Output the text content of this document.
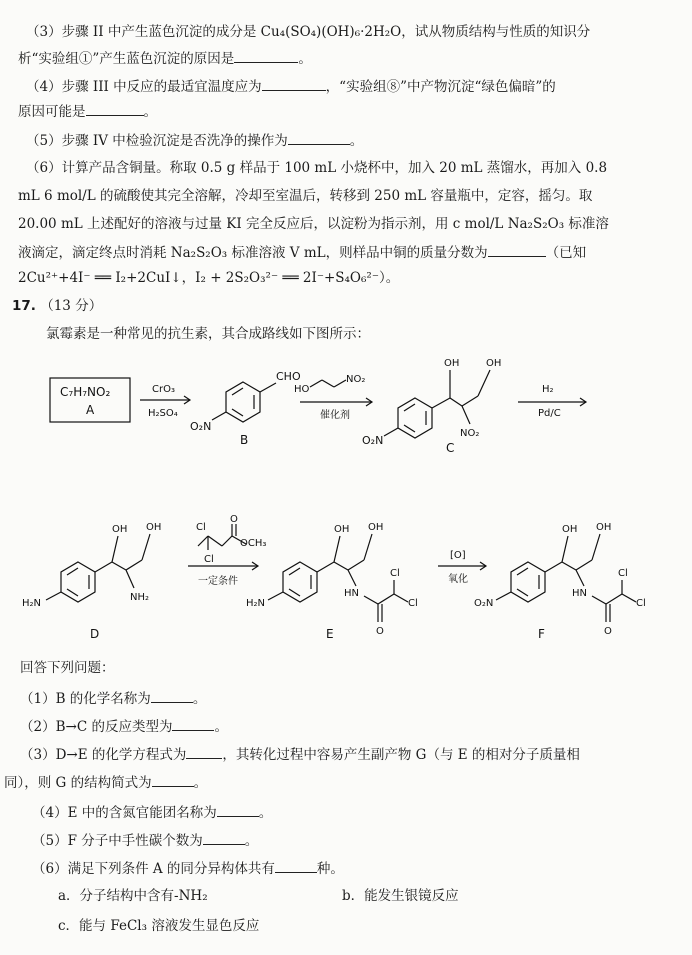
（3）步骤 II 中产生蓝色沉淀的成分是 Cu₄(SO₄)(OH)₆·2H₂O，试从物质结构与性质的知识分
析“实验组①”产生蓝色沉淀的原因是	。
（4）步骤 III 中反应的最适宜温度应为	，“实验组⑧”中产物沉淀“绿色偏暗”的
原因可能是	。
（5）步骤 IV 中检验沉淀是否洗净的操作为	。
（6）计算产品含铜量。称取 0.5 g 样品于 100 mL 小烧杯中，加入 20 mL 蒸馏水，再加入 0.8
mL 6 mol/L 的硫酸使其完全溶解，冷却至室温后，转移到 250 mL 容量瓶中，定容，摇匀。取
20.00 mL 上述配好的溶液与过量 KI 完全反应后，以淀粉为指示剂，用 c mol/L Na₂S₂O₃ 标准溶
液滴定，滴定终点时消耗 Na₂S₂O₃ 标准溶液 V mL，则样品中铜的质量分数为	（已知
2Cu²⁺+4I⁻ ══ I₂+2CuI↓，I₂ + 2S₂O₃²⁻ ══ 2I⁻+S₄O₆²⁻）。
17. （13 分）
氯霉素是一种常见的抗生素，其合成路线如下图所示：
C₇H₇NO₂
A
CrO₃
H₂SO₄
CHO
O₂N
B
HO
NO₂
催化剂
OH	OH
NO₂
O₂N
C
H₂
Pd/C
OH OH
NH₂
H₂N
D
Cl
Cl
O
OCH₃
一定条件
OH OH
HN
Cl
Cl
O
H₂N
E
[O]
氧化
OH OH
HN
Cl
Cl
O
O₂N
F
回答下列问题：
（1）B 的化学名称为	。
（2）B→C 的反应类型为	。
（3）D→E 的化学方程式为	，其转化过程中容易产生副产物 G（与 E 的相对分子质量相
同），则 G 的结构简式为	。
（4）E 中的含氮官能团名称为	。
（5）F 分子中手性碳个数为	。
（6）满足下列条件 A 的同分异构体共有	种。
a．分子结构中含有-NH₂	b．能发生银镜反应
c．能与 FeCl₃ 溶液发生显色反应
